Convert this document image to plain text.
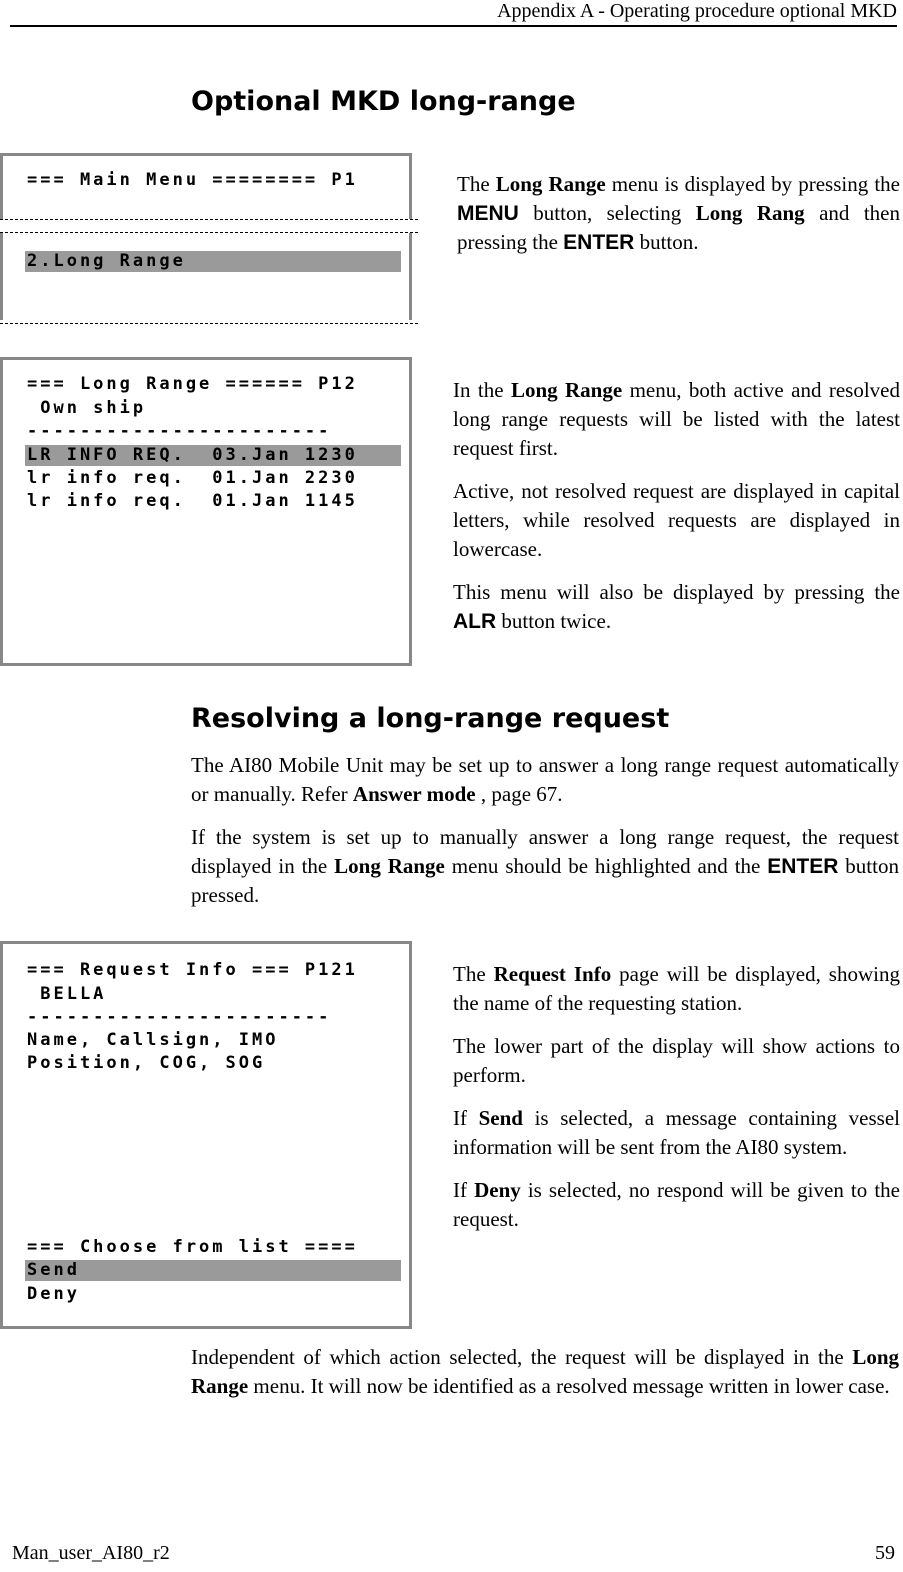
Appendix A - Operating procedure optional MKD
Optional MKD long-range
=== Main Menu ======== P1
2.Long Range

The Long Range menu is displayed by pressing the MENU button, selecting Long Rang and then pressing the ENTER button.

=== Long Range ====== P12
Own ship
-----------------------
LR INFO REQ.  03.Jan 1230
lr info req.  01.Jan 2230
lr info req.  01.Jan 1145

In the Long Range menu, both active and resolved long range requests will be listed with the latest request first.

Active, not resolved request are displayed in capital letters, while resolved requests are displayed in lowercase.

This menu will also be displayed by pressing the ALR button twice.

Resolving a long-range request

The AI80 Mobile Unit may be set up to answer a long range request automatically or manually. Refer Answer mode , page 67.

If the system is set up to manually answer a long range request, the request displayed in the Long Range menu should be highlighted and the ENTER button pressed.

=== Request Info === P121
BELLA
-----------------------
Name, Callsign, IMO
Position, COG, SOG
=== Choose from list ====
Send
Deny

The Request Info page will be displayed, showing the name of the requesting station.

The lower part of the display will show actions to perform.

If Send is selected, a message containing vessel information will be sent from the AI80 system.

If Deny is selected, no respond will be given to the request.

Independent of which action selected, the request will be displayed in the Long Range menu. It will now be identified as a resolved message written in lower case.

Man_user_AI80_r2	59
